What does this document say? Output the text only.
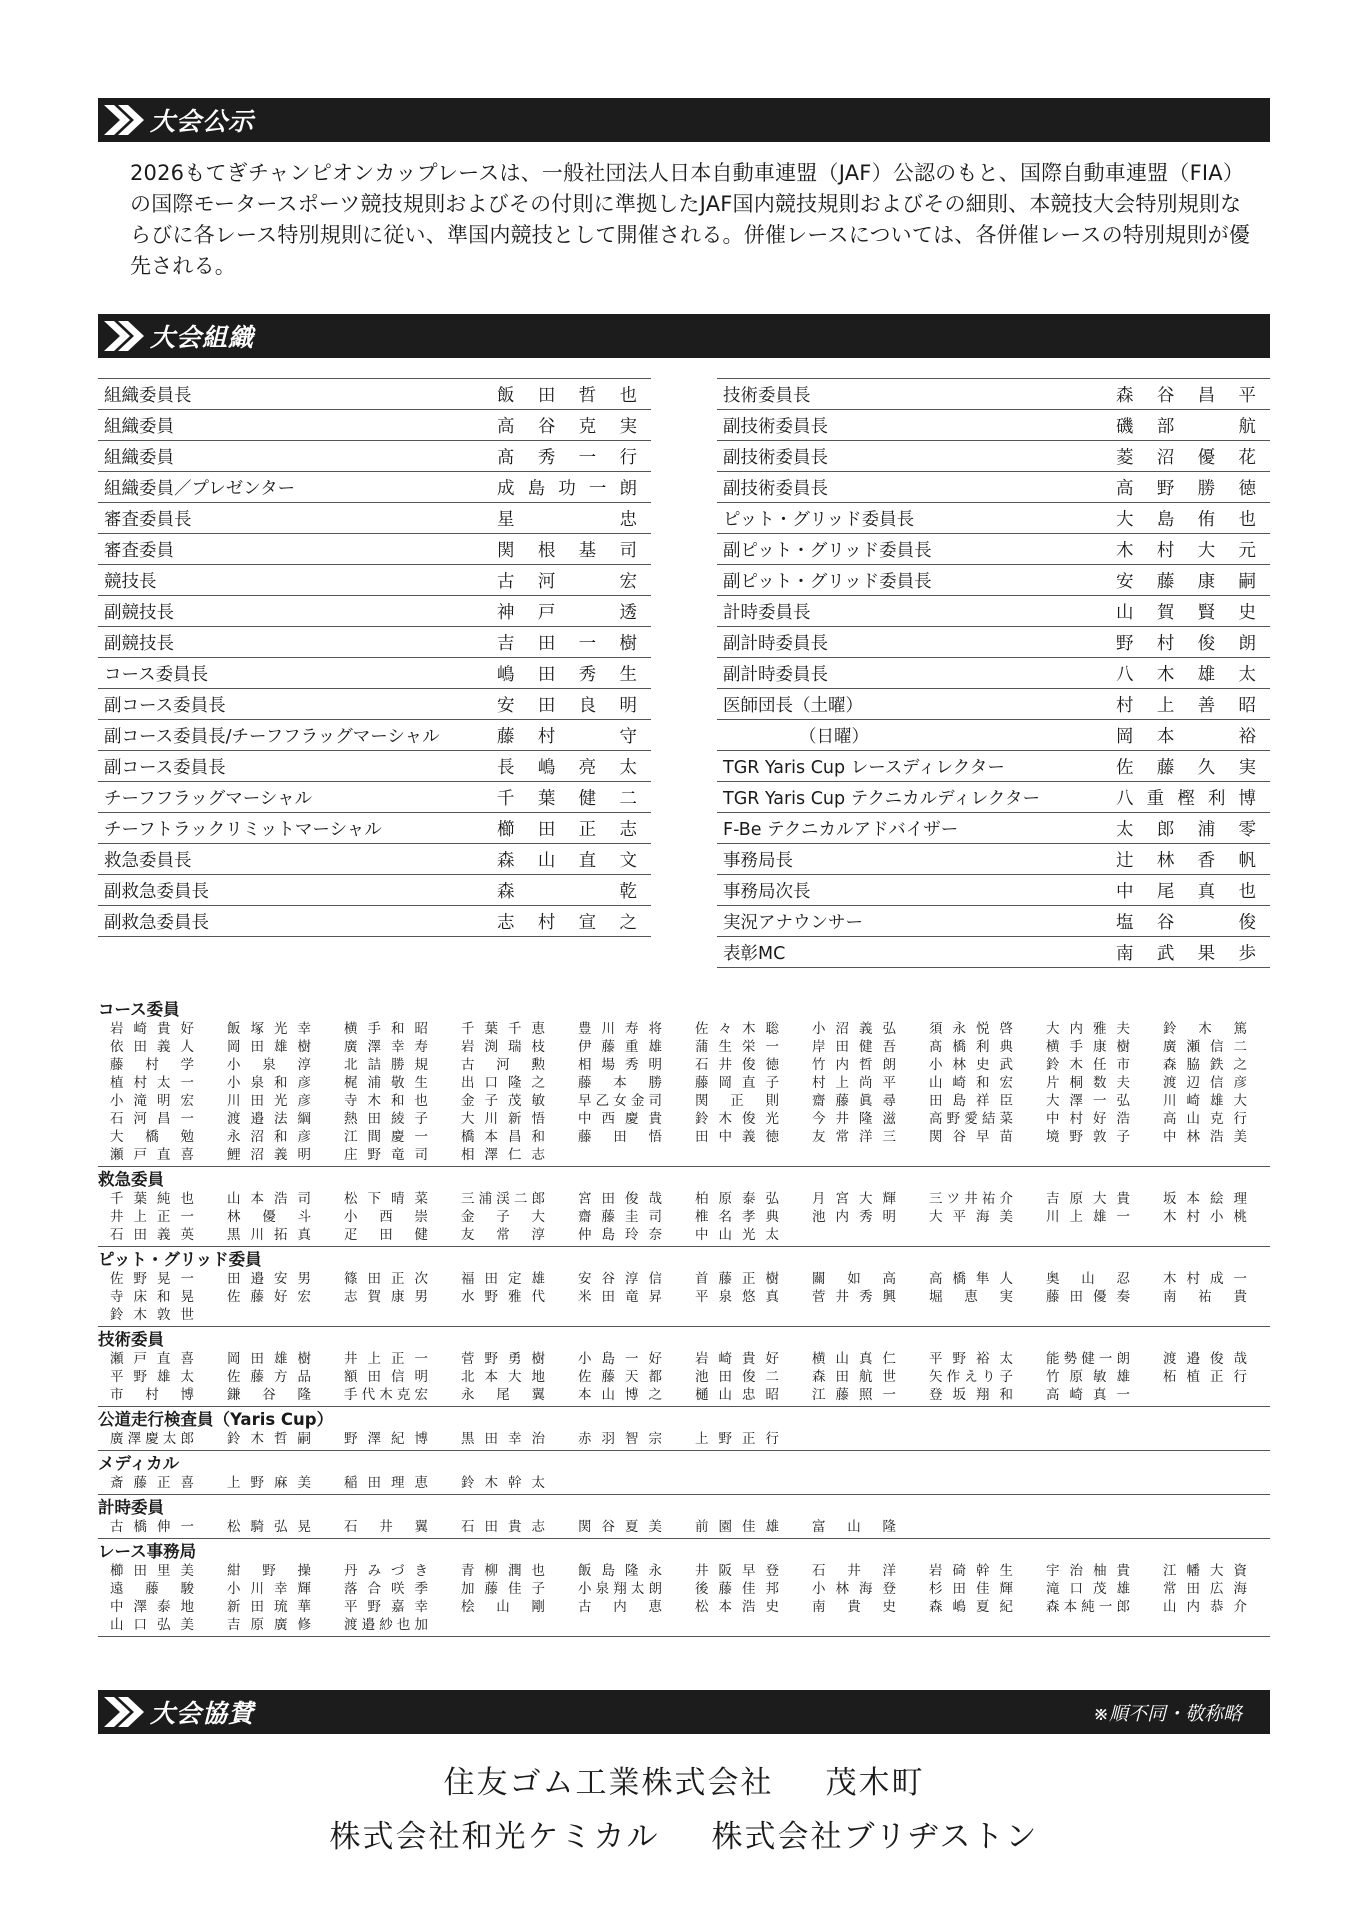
大会公示
2026もてぎチャンピオンカップレースは、一般社団法人日本自動車連盟（JAF）公認のもと、国際自動車連盟（FIA）の国際モータースポーツ競技規則およびその付則に準拠したJAF国内競技規則およびその細則、本競技大会特別規則ならびに各レース特別規則に従い、準国内競技として開催される。併催レースについては、各併催レースの特別規則が優先される。
大会組織
組織委員長	飯田哲也
組織委員	高谷克実
組織委員	髙秀一行
組織委員／プレゼンター	成島功一朗
審査委員長	星　　忠
審査委員	関根基司
競技長	古河　宏
副競技長	神戸　透
副競技長	吉田一樹
コース委員長	嶋田秀生
副コース委員長	安田良明
副コース委員長/チーフフラッグマーシャル	藤村　守
副コース委員長	長嶋亮太
チーフフラッグマーシャル	千葉健二
チーフトラックリミットマーシャル	櫛田正志
救急委員長	森山直文
副救急委員長	森　　乾
副救急委員長	志村宣之
技術委員長	森谷昌平
副技術委員長	磯部　航
副技術委員長	菱沼優花
副技術委員長	高野勝徳
ピット・グリッド委員長	大島侑也
副ピット・グリッド委員長	木村大元
副ピット・グリッド委員長	安藤康嗣
計時委員長	山賀賢史
副計時委員長	野村俊朗
副計時委員長	八木雄太
医師団長（土曜）	村上善昭
（日曜）	岡本　裕
TGR Yaris Cup レースディレクター	佐藤久実
TGR Yaris Cup テクニカルディレクター	八重樫利博
F-Be テクニカルアドバイザー	太郎浦零
事務局長	辻林香帆
事務局次長	中尾真也
実況アナウンサー	塩谷　俊
表彰MC	南武果歩
コース委員
岩崎貴好 飯塚光幸 横手和昭 千葉千恵 豊川寿将 佐々木聡 小沼義弘 須永悦啓 大内雅夫 鈴木篤
依田義人 岡田雄樹 廣澤幸寿 岩渕瑞枝 伊藤重雄 蒲生栄一 岸田健吾 髙橋利典 横手康樹 廣瀬信二
藤村学 小泉淳 北詰勝規 古河勲 相場秀明 石井俊徳 竹内哲朗 小林史武 鈴木任市 森脇鉄之
植村太一 小泉和彦 梶浦敬生 出口隆之 藤本勝 藤岡直子 村上尚平 山崎和宏 片桐数夫 渡辺信彦
小滝明宏 川田光彦 寺木和也 金子茂敏 早乙女金司 関正則 齋藤眞尋 田島祥臣 大澤一弘 川崎雄大
石河昌一 渡邉法綱 熱田綾子 大川新悟 中西慶貴 鈴木俊光 今井隆滋 高野愛結菜 中村好浩 高山克行
大橋勉 永沼和彦 江間慶一 橋本昌和 藤田悟 田中義徳 友常洋三 関谷早苗 境野敦子 中林浩美
瀬戸直喜 鯉沼義明 庄野竜司 相澤仁志
救急委員
千葉純也 山本浩司 松下晴菜 三浦渓二郎 宮田俊哉 柏原泰弘 月宮大輝 三ツ井祐介 吉原大貴 坂本絵理
井上正一 林優斗 小西崇 金子大 齋藤圭司 椎名孝典 池内秀明 大平海美 川上雄一 木村小桃
石田義英 黒川拓真 疋田健 友常淳 仲島玲奈 中山光太
ピット・グリッド委員
佐野晃一 田邉安男 篠田正次 福田定雄 安谷淳信 首藤正樹 關如高 高橋隼人 奥山忍 木村成一
寺床和晃 佐藤好宏 志賀康男 水野雅代 米田竜昇 平泉悠真 菅井秀興 堀恵実 藤田優奏 南祐貴
鈴木敦世
技術委員
瀬戸直喜 岡田雄樹 井上正一 菅野勇樹 小島一好 岩崎貴好 横山真仁 平野裕太 能勢健一朗 渡邉俊哉
平野雄太 佐藤方品 額田信明 北本大地 佐藤天都 池田俊二 森田航世 矢作えり子 竹原敏雄 柘植正行
市村博 鎌谷隆 手代木克宏 永尾翼 本山博之 樋山忠昭 江藤照一 登坂翔和 高崎真一
公道走行検査員（Yaris Cup）
廣澤慶太郎 鈴木哲嗣 野澤紀博 黒田幸治 赤羽智宗 上野正行
メディカル
斎藤正喜 上野麻美 稲田理恵 鈴木幹太
計時委員
古橋伸一 松騎弘晃 石井翼 石田貴志 関谷夏美 前園佳雄 富山隆
レース事務局
櫛田里美 紺野操 丹みづき 青柳潤也 飯島隆永 井阪早登 石井洋 岩碕幹生 宇治柚貴 江幡大資
遠藤駿 小川幸輝 落合咲季 加藤佳子 小泉翔太朗 後藤佳邦 小林海登 杉田佳輝 滝口茂雄 常田広海
中澤泰地 新田琉華 平野嘉幸 桧山剛 古内恵 松本浩史 南貴史 森嶋夏紀 森本純一郎 山内恭介
山口弘美 吉原廣修 渡邉紗也加
大会協賛	※順不同・敬称略
住友ゴム工業株式会社 茂木町
株式会社和光ケミカル 株式会社ブリヂストン
